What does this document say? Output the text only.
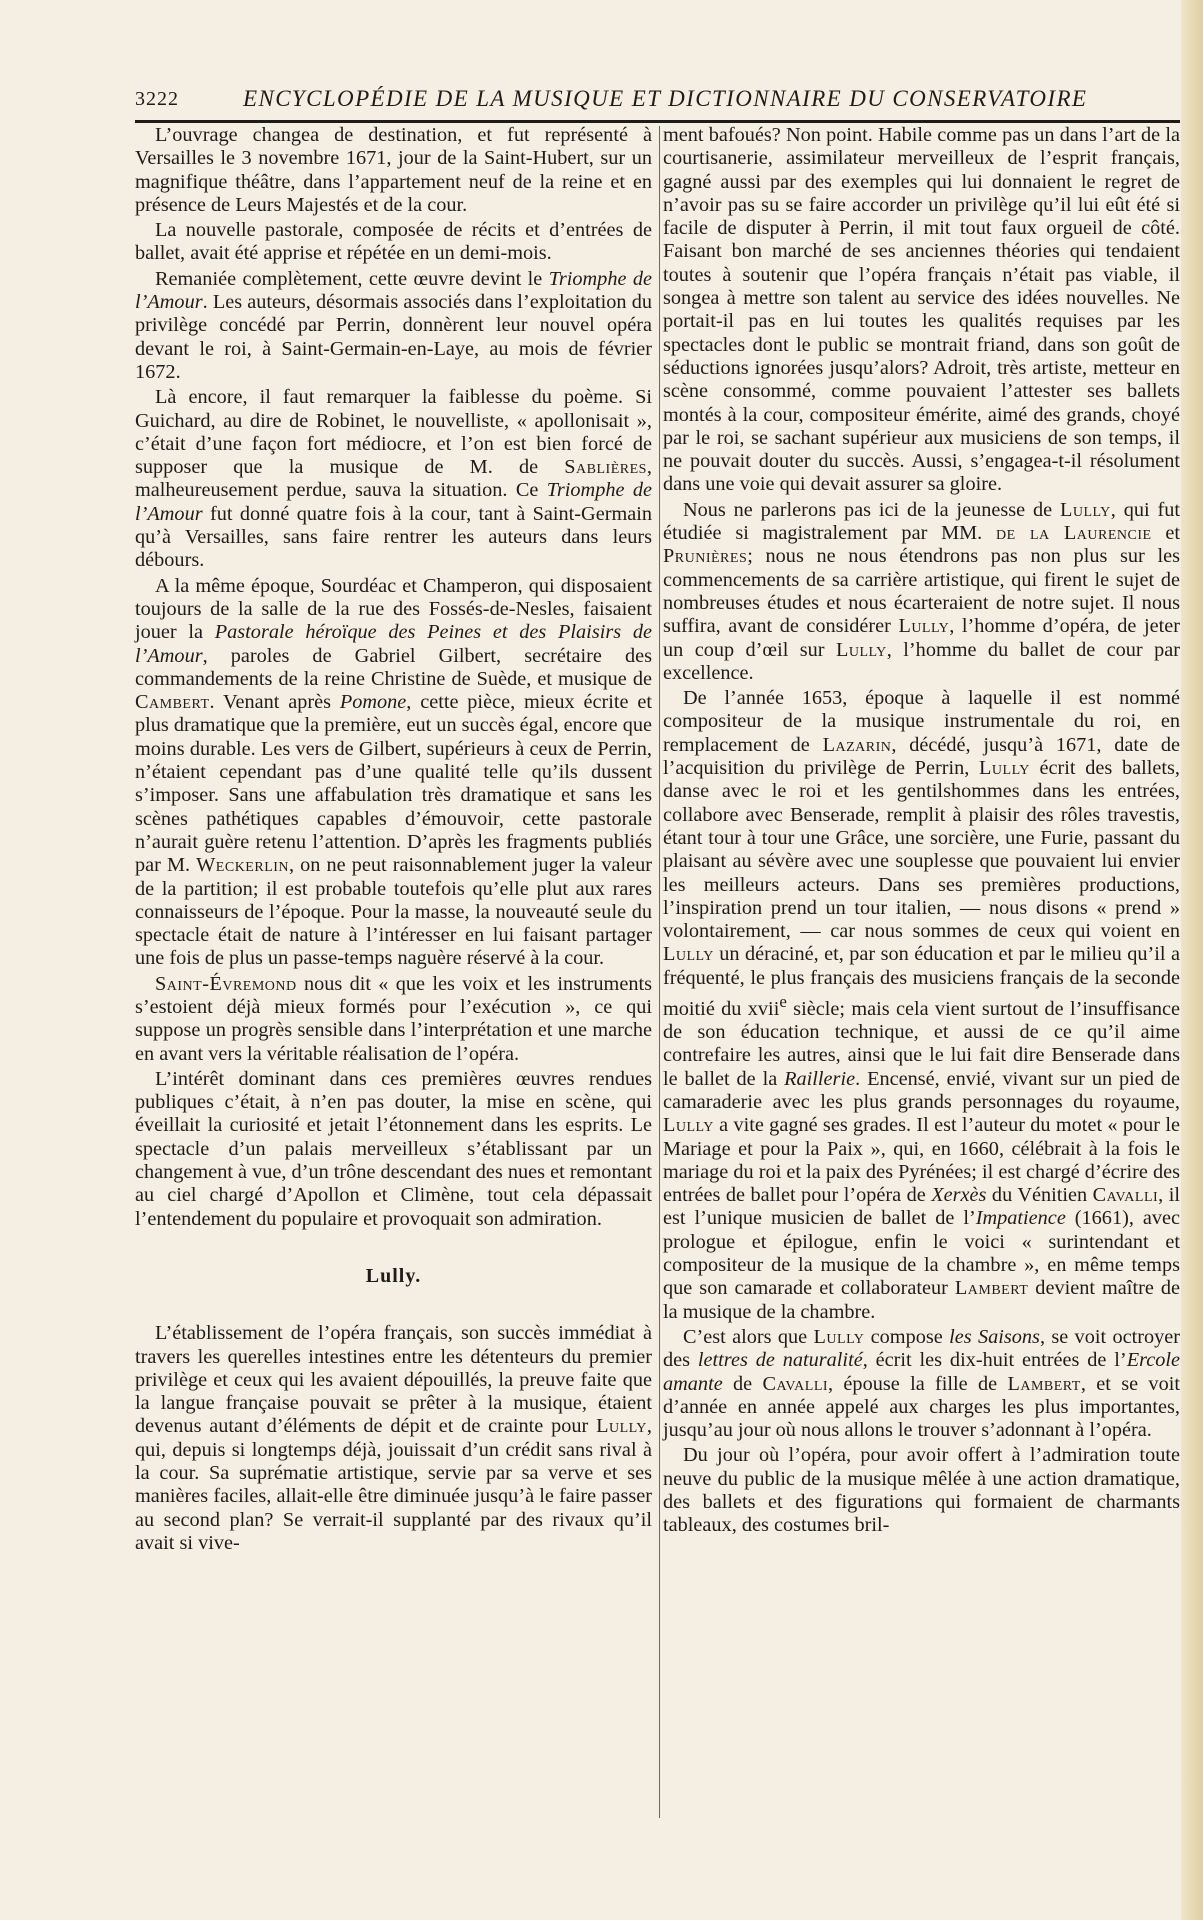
3222	ENCYCLOPÉDIE DE LA MUSIQUE ET DICTIONNAIRE DU CONSERVATOIRE

L’ouvrage changea de destination, et fut représenté à Versailles le 3 novembre 1671, jour de la Saint-Hubert, sur un magnifique théâtre, dans l’appartement neuf de la reine et en présence de Leurs Majestés et de la cour.

La nouvelle pastorale, composée de récits et d’entrées de ballet, avait été apprise et répétée en un demi-mois.

Remaniée complètement, cette œuvre devint le Triomphe de l’Amour. Les auteurs, désormais associés dans l’exploitation du privilège concédé par Perrin, donnèrent leur nouvel opéra devant le roi, à Saint-Germain-en-Laye, au mois de février 1672.

Là encore, il faut remarquer la faiblesse du poème. Si Guichard, au dire de Robinet, le nouvelliste, « apollonisait », c’était d’une façon fort médiocre, et l’on est bien forcé de supposer que la musique de M. de Sablières, malheureusement perdue, sauva la situation. Ce Triomphe de l’Amour fut donné quatre fois à la cour, tant à Saint-Germain qu’à Versailles, sans faire rentrer les auteurs dans leurs débours.

A la même époque, Sourdéac et Champeron, qui disposaient toujours de la salle de la rue des Fossés-de-Nesles, faisaient jouer la Pastorale héroïque des Peines et des Plaisirs de l’Amour, paroles de Gabriel Gilbert, secrétaire des commandements de la reine Christine de Suède, et musique de Cambert. Venant après Pomone, cette pièce, mieux écrite et plus dramatique que la première, eut un succès égal, encore que moins durable. Les vers de Gilbert, supérieurs à ceux de Perrin, n’étaient cependant pas d’une qualité telle qu’ils dussent s’imposer. Sans une affabulation très dramatique et sans les scènes pathétiques capables d’émouvoir, cette pastorale n’aurait guère retenu l’attention. D’après les fragments publiés par M. Weckerlin, on ne peut raisonnablement juger la valeur de la partition; il est probable toutefois qu’elle plut aux rares connaisseurs de l’époque. Pour la masse, la nouveauté seule du spectacle était de nature à l’intéresser en lui faisant partager une fois de plus un passe-temps naguère réservé à la cour.

Saint-Évremond nous dit « que les voix et les instruments s’estoient déjà mieux formés pour l’exécution », ce qui suppose un progrès sensible dans l’interprétation et une marche en avant vers la véritable réalisation de l’opéra.

L’intérêt dominant dans ces premières œuvres rendues publiques c’était, à n’en pas douter, la mise en scène, qui éveillait la curiosité et jetait l’étonnement dans les esprits. Le spectacle d’un palais merveilleux s’établissant par un changement à vue, d’un trône descendant des nues et remontant au ciel chargé d’Apollon et Climène, tout cela dépassait l’entendement du populaire et provoquait son admiration.

Lully.

L’établissement de l’opéra français, son succès immédiat à travers les querelles intestines entre les détenteurs du premier privilège et ceux qui les avaient dépouillés, la preuve faite que la langue française pouvait se prêter à la musique, étaient devenus autant d’éléments de dépit et de crainte pour Lully, qui, depuis si longtemps déjà, jouissait d’un crédit sans rival à la cour. Sa suprématie artistique, servie par sa verve et ses manières faciles, allait-elle être diminuée jusqu’à le faire passer au second plan? Se verrait-il supplanté par des rivaux qu’il avait si vive-

ment bafoués? Non point. Habile comme pas un dans l’art de la courtisanerie, assimilateur merveilleux de l’esprit français, gagné aussi par des exemples qui lui donnaient le regret de n’avoir pas su se faire accorder un privilège qu’il lui eût été si facile de disputer à Perrin, il mit tout faux orgueil de côté. Faisant bon marché de ses anciennes théories qui tendaient toutes à soutenir que l’opéra français n’était pas viable, il songea à mettre son talent au service des idées nouvelles. Ne portait-il pas en lui toutes les qualités requises par les spectacles dont le public se montrait friand, dans son goût de séductions ignorées jusqu’alors? Adroit, très artiste, metteur en scène consommé, comme pouvaient l’attester ses ballets montés à la cour, compositeur émérite, aimé des grands, choyé par le roi, se sachant supérieur aux musiciens de son temps, il ne pouvait douter du succès. Aussi, s’engagea-t-il résolument dans une voie qui devait assurer sa gloire.

Nous ne parlerons pas ici de la jeunesse de Lully, qui fut étudiée si magistralement par MM. de la Laurencie et Prunières; nous ne nous étendrons pas non plus sur les commencements de sa carrière artistique, qui firent le sujet de nombreuses études et nous écarteraient de notre sujet. Il nous suffira, avant de considérer Lully, l’homme d’opéra, de jeter un coup d’œil sur Lully, l’homme du ballet de cour par excellence.

De l’année 1653, époque à laquelle il est nommé compositeur de la musique instrumentale du roi, en remplacement de Lazarin, décédé, jusqu’à 1671, date de l’acquisition du privilège de Perrin, Lully écrit des ballets, danse avec le roi et les gentilshommes dans les entrées, collabore avec Benserade, remplit à plaisir des rôles travestis, étant tour à tour une Grâce, une sorcière, une Furie, passant du plaisant au sévère avec une souplesse que pouvaient lui envier les meilleurs acteurs. Dans ses premières productions, l’inspiration prend un tour italien, — nous disons « prend » volontairement, — car nous sommes de ceux qui voient en Lully un déraciné, et, par son éducation et par le milieu qu’il a fréquenté, le plus français des musiciens français de la seconde moitié du xvii$^e$ siècle; mais cela vient surtout de l’insuffisance de son éducation technique, et aussi de ce qu’il aime contrefaire les autres, ainsi que le lui fait dire Benserade dans le ballet de la Raillerie. Encensé, envié, vivant sur un pied de camaraderie avec les plus grands personnages du royaume, Lully a vite gagné ses grades. Il est l’auteur du motet « pour le Mariage et pour la Paix », qui, en 1660, célébrait à la fois le mariage du roi et la paix des Pyrénées; il est chargé d’écrire des entrées de ballet pour l’opéra de Xerxès du Vénitien Cavalli, il est l’unique musicien de ballet de l’Impatience (1661), avec prologue et épilogue, enfin le voici « surintendant et compositeur de la musique de la chambre », en même temps que son camarade et collaborateur Lambert devient maître de la musique de la chambre.

C’est alors que Lully compose les Saisons, se voit octroyer des lettres de naturalité, écrit les dix-huit entrées de l’Ercole amante de Cavalli, épouse la fille de Lambert, et se voit d’année en année appelé aux charges les plus importantes, jusqu’au jour où nous allons le trouver s’adonnant à l’opéra.

Du jour où l’opéra, pour avoir offert à l’admiration toute neuve du public de la musique mêlée à une action dramatique, des ballets et des figurations qui formaient de charmants tableaux, des costumes bril-
